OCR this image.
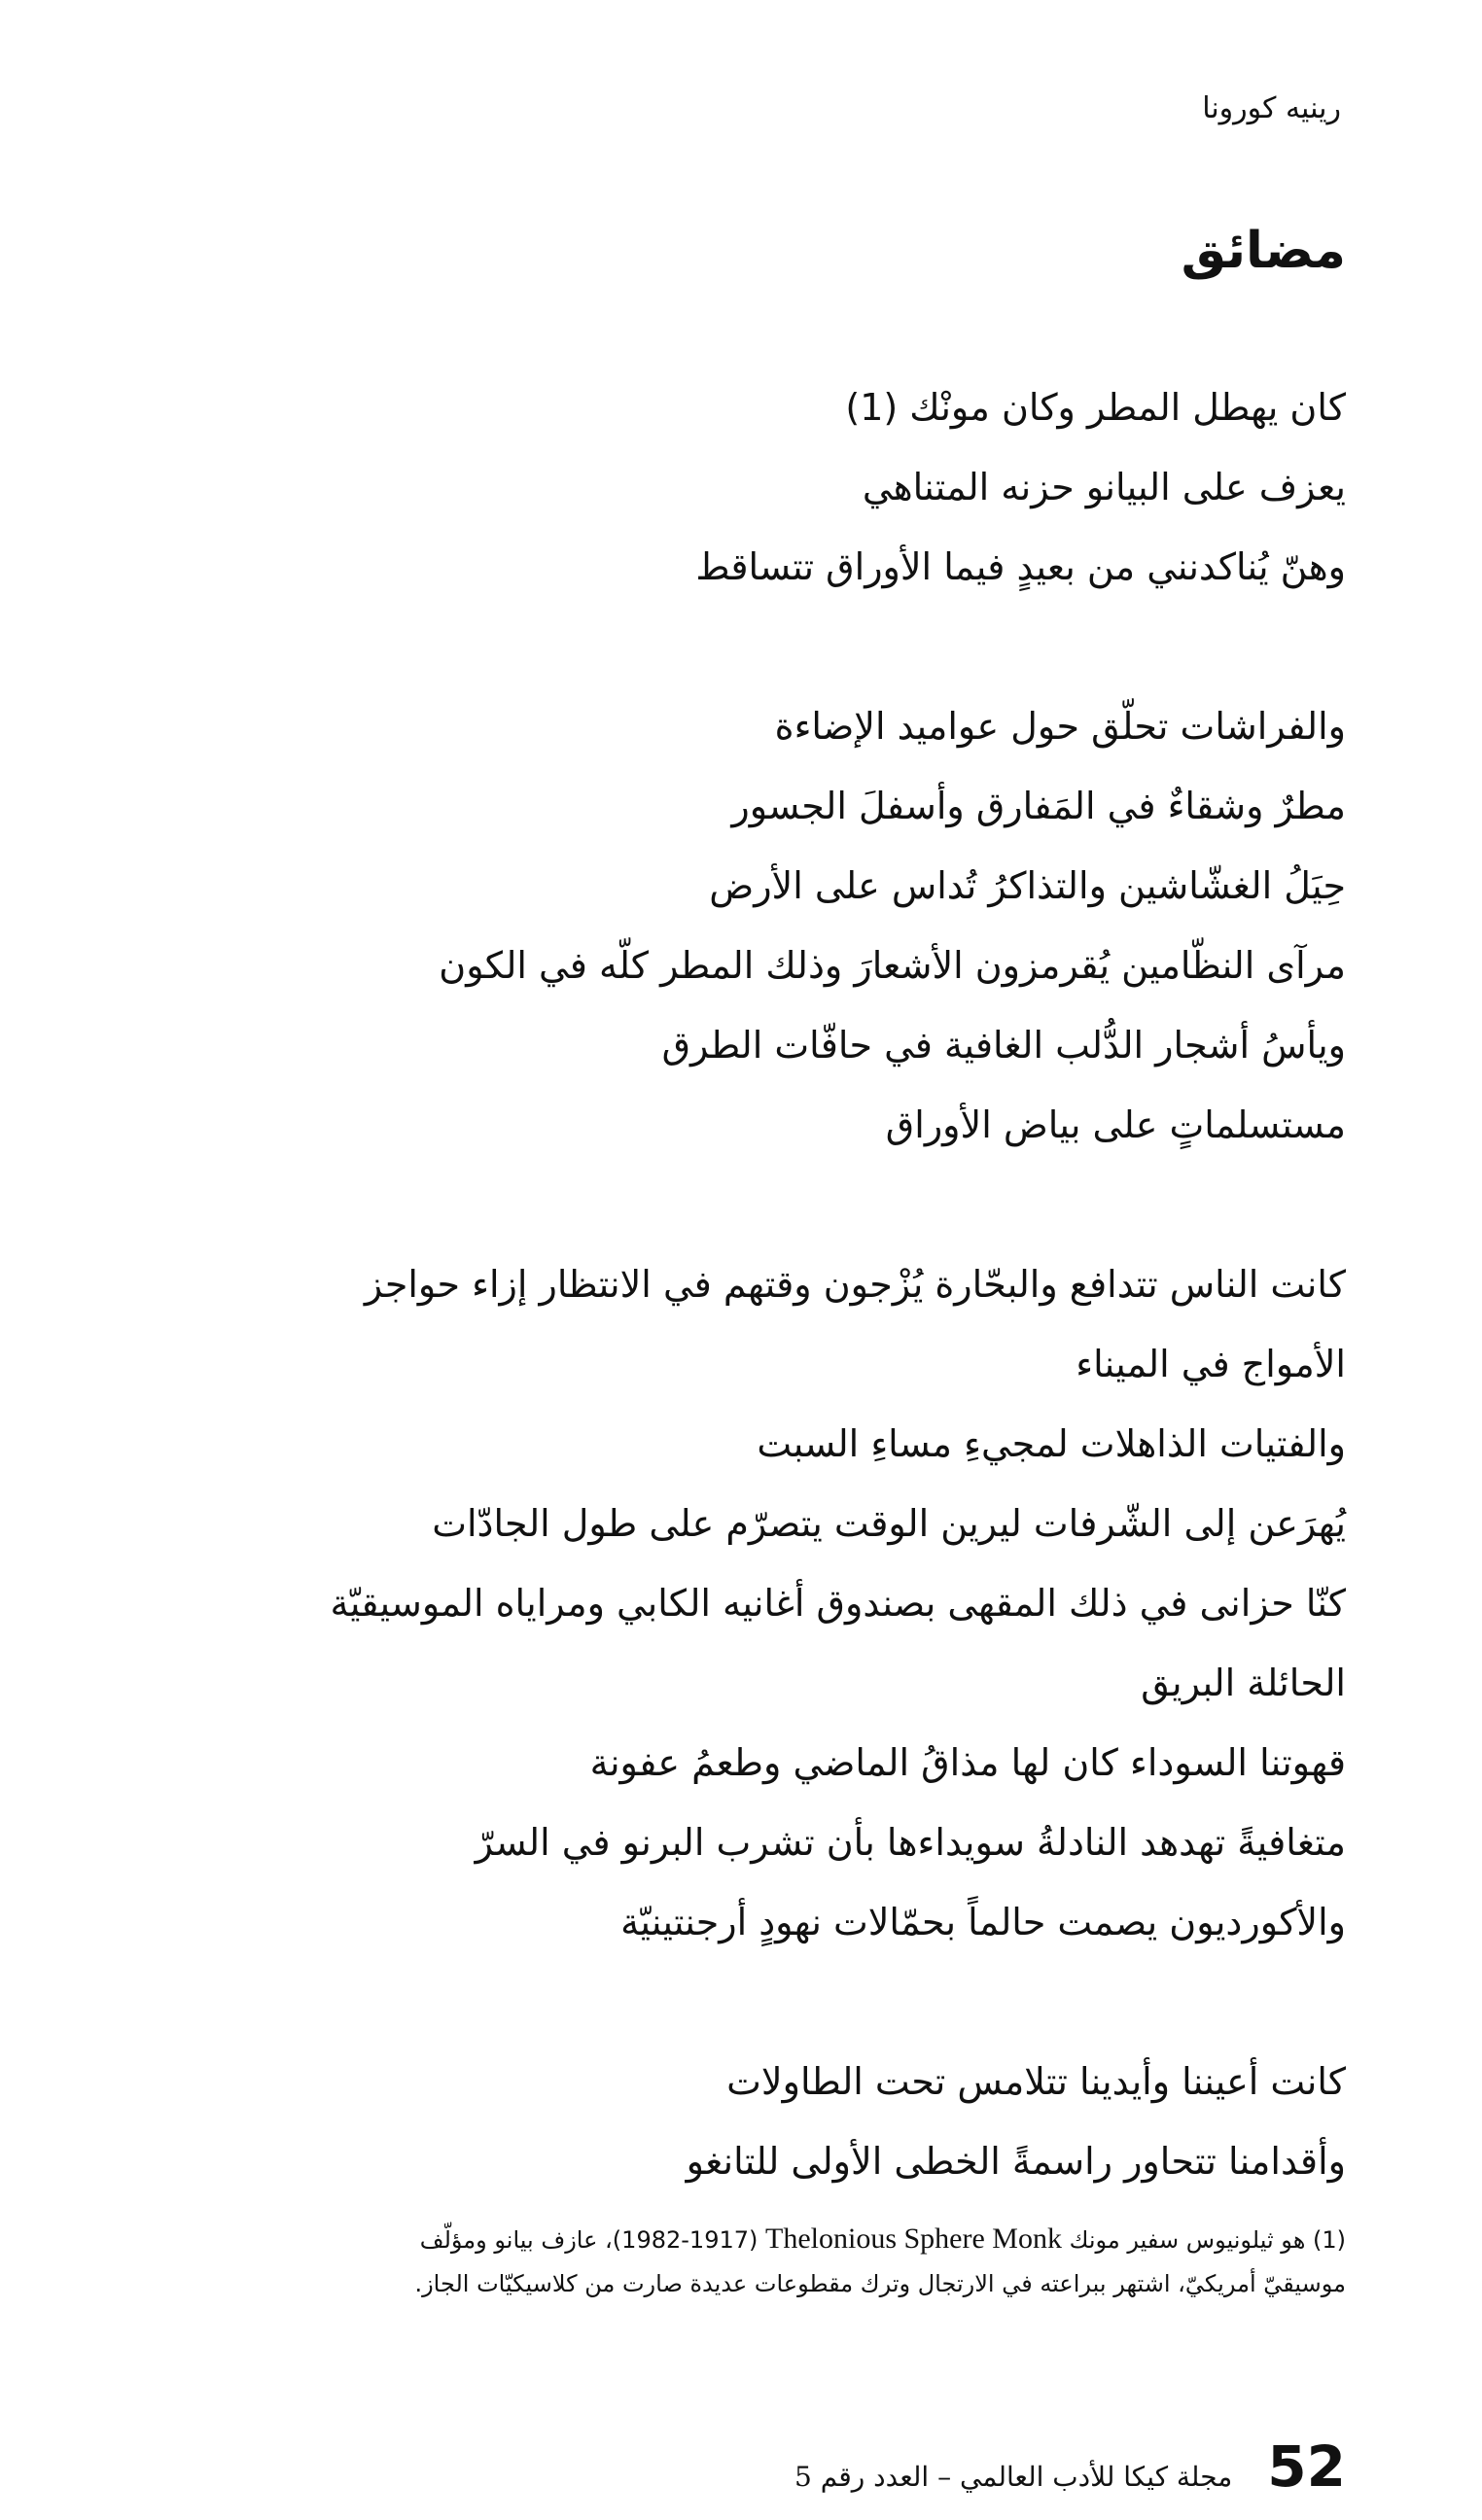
رينيه كورونا
مضائق
كان يهطل المطر وكان مونْك (1)
يعزف على البيانو حزنه المتناهي
وهنّ يُناكدنني من بعيدٍ فيما الأوراق تتساقط
والفراشات تحلّق حول عواميد الإضاءة
مطرٌ وشقاءٌ في المَفارق وأسفلَ الجسور
حِيَلُ الغشّاشين والتذاكرُ تُداس على الأرض
مرآى النظّامين يُقرمزون الأشعارَ وذلك المطر كلّه في الكون
ويأسُ أشجار الدُّلب الغافية في حافّات الطرق
مستسلماتٍ على بياض الأوراق
كانت الناس تتدافع والبحّارة يُزْجون وقتهم في الانتظار إزاء حواجز
الأمواج في الميناء
والفتيات الذاهلات لمجيءِ مساءِ السبت
يُهرَعن إلى الشّرفات ليرين الوقت يتصرّم على طول الجادّات
كنّا حزانى في ذلك المقهى بصندوق أغانيه الكابي ومراياه الموسيقيّة
الحائلة البريق
قهوتنا السوداء كان لها مذاقُ الماضي وطعمُ عفونة
متغافيةً تهدهد النادلةُ سويداءها بأن تشرب البرنو في السرّ
والأكورديون يصمت حالماً بحمّالات نهودٍ أرجنتينيّة
كانت أعيننا وأيدينا تتلامس تحت الطاولات
وأقدامنا تتحاور راسمةً الخطى الأولى للتانغو
(1) هو ثيلونيوس سفير مونك Thelonious Sphere Monk (1917-1982)، عازف بيانو ومؤلّف
موسيقيّ أمريكيّ، اشتهر ببراعته في الارتجال وترك مقطوعات عديدة صارت من كلاسيكيّات الجاز.
52
مجلة كيكا للأدب العالمي – العدد رقم 5
